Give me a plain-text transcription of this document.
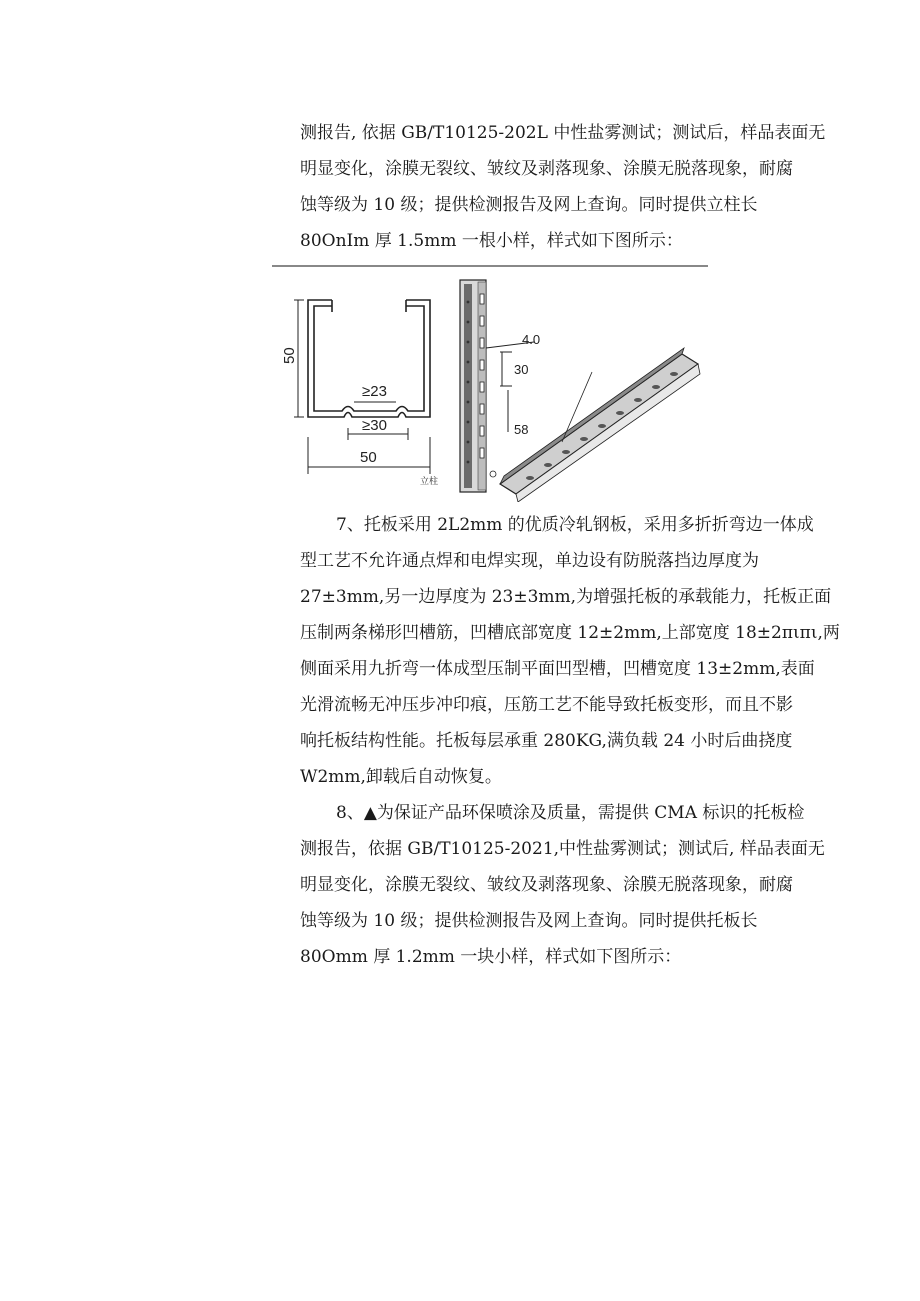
测报告, 依据 GB/T10125-202L 中性盐雾测试；测试后，样品表面无
明显变化，涂膜无裂纹、皱纹及剥落现象、涂膜无脱落现象，耐腐
蚀等级为 10 级；提供检测报告及网上查询。同时提供立柱长
80OnIm 厚 1.5mm 一根小样，样式如下图所示：
50
≥23
≥30
50
立柱
4.0
30
58
7、托板采用 2L2mm 的优质冷轧钢板，采用多折折弯边一体成
型工艺不允许通点焊和电焊实现，单边设有防脱落挡边厚度为
27±3mm,另一边厚度为 23±3mm,为增强托板的承载能力，托板正面
压制两条梯形凹槽筋，凹槽底部宽度 12±2mm,上部宽度 18±2πιπι,两
侧面采用九折弯一体成型压制平面凹型槽，凹槽宽度 13±2mm,表面
光滑流畅无冲压步冲印痕，压筋工艺不能导致托板变形，而且不影
响托板结构性能。托板每层承重 280KG,满负载 24 小时后曲挠度
W2mm,卸载后自动恢复。
8、▲为保证产品环保喷涂及质量，需提供 CMA 标识的托板检
测报告，依据 GB/T10125-2021,中性盐雾测试；测试后, 样品表面无
明显变化，涂膜无裂纹、皱纹及剥落现象、涂膜无脱落现象，耐腐
蚀等级为 10 级；提供检测报告及网上查询。同时提供托板长
80Omm 厚 1.2mm 一块小样，样式如下图所示：
